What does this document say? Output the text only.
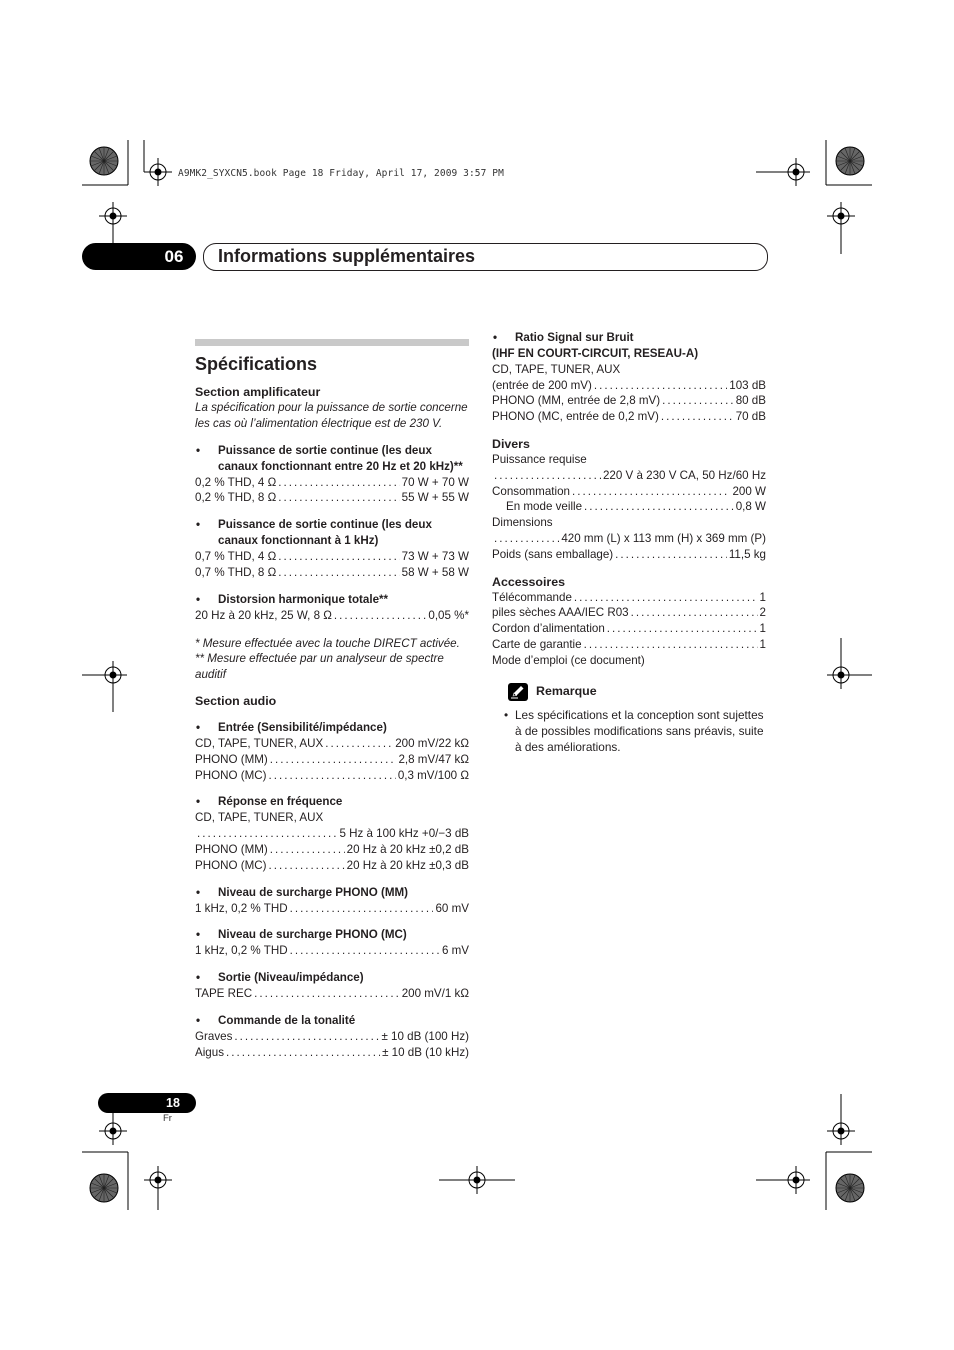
A9MK2_SYXCN5.book Page 18 Friday, April 17, 2009 3:57 PM
06	Informations supplémentaires
Spécifications
Section amplificateur
La spécification pour la puissance de sortie concerne les cas où l’alimentation électrique est de 230 V.
• Puissance de sortie continue (les deux canaux fonctionnant entre 20 Hz et 20 kHz)**
0,2 % THD, 4 Ω . . .	70 W + 70 W
0,2 % THD, 8 Ω . . .	55 W + 55 W
• Puissance de sortie continue (les deux canaux fonctionnant à 1 kHz)
0,7 % THD, 4 Ω . . .	73 W + 73 W
0,7 % THD, 8 Ω . . .	58 W + 58 W
• Distorsion harmonique totale**
20 Hz à 20 kHz, 25 W, 8 Ω . . .	0,05 %*
* Mesure effectuée avec la touche DIRECT activée.
** Mesure effectuée par un analyseur de spectre auditif
Section audio
• Entrée (Sensibilité/impédance)
CD, TAPE, TUNER, AUX . . .	200 mV/22 kΩ
PHONO (MM) . . .	2,8 mV/47 kΩ
PHONO (MC) . . .	0,3 mV/100 Ω
• Réponse en fréquence
CD, TAPE, TUNER, AUX
. . .
5 Hz à 100 kHz +0/−3 dB
PHONO (MM) . . .	20 Hz à 20 kHz ±0,2 dB
PHONO (MC) . . .	20 Hz à 20 kHz ±0,3 dB
• Niveau de surcharge PHONO (MM)
1 kHz, 0,2 % THD . . .	60 mV
• Niveau de surcharge PHONO (MC)
1 kHz, 0,2 % THD . . .	6 mV
• Sortie (Niveau/impédance)
TAPE REC . . .	200 mV/1 kΩ
• Commande de la tonalité
Graves . . .	± 10 dB (100 Hz)
Aigus . . .	± 10 dB (10 kHz)
• Ratio Signal sur Bruit
(IHF EN COURT-CIRCUIT, RESEAU-A)
CD, TAPE, TUNER, AUX
(entrée de 200 mV) . . .	103 dB
PHONO (MM, entrée de 2,8 mV) . . .	80 dB
PHONO (MC, entrée de 0,2 mV) . . .	70 dB
Divers
Puissance requise
. . .
220 V à 230 V CA, 50 Hz/60 Hz
Consommation . . .	200 W
En mode veille . . .	0,8 W
Dimensions
. . .
420 mm (L) x 113 mm (H) x 369 mm (P)
Poids (sans emballage) . . .	11,5 kg
Accessoires
Télécommande . . .	1
piles sèches AAA/IEC R03 . . .	2
Cordon d’alimentation . . .	1
Carte de garantie . . .	1
Mode d’emploi (ce document)
Remarque
• Les spécifications et la conception sont sujettes à de possibles modifications sans préavis, suite à des améliorations.
18
Fr
